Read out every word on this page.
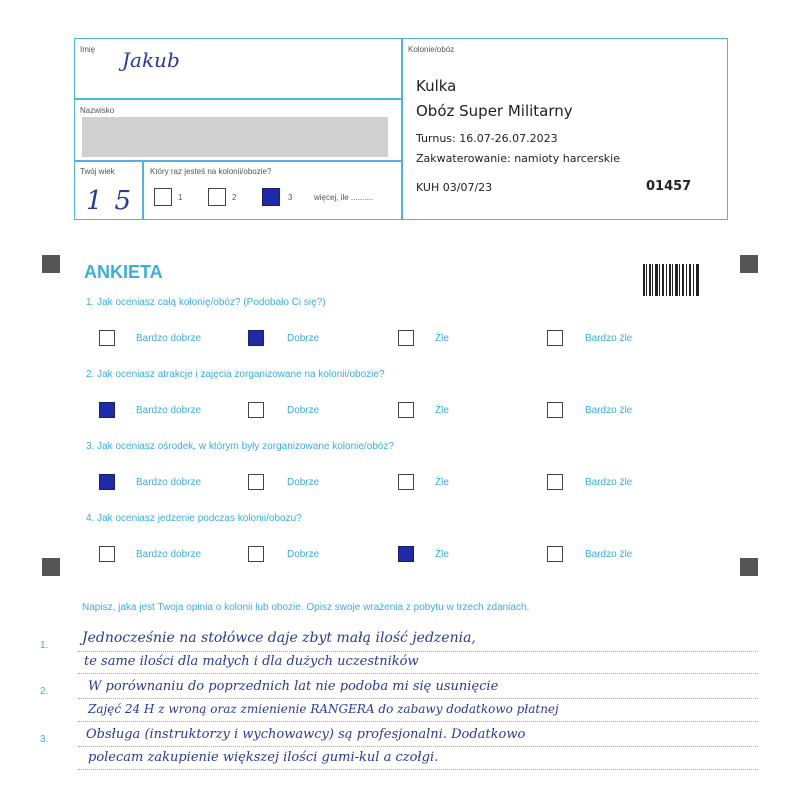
Imię Jakub
Nazwisko
Twój wiek
15
Który raz jesteś na kolonii/obozie?
1	2	3	więcej, ile ..........
Kolonie/obóz
Kulka
Obóz Super Militarny
Turnus: 16.07-26.07.2023
Zakwaterowanie: namioty harcerskie
KUH 03/07/23	01457
ANKIETA
1. Jak oceniasz całą kolonię/obóz? (Podobało Ci się?)
Bardzo dobrze	Dobrze	Źle	Bardzo źle
2. Jak oceniasz atrakcje i zajęcia zorganizowane na kolonii/obozie?
Bardzo dobrze	Dobrze	Źle	Bardzo źle
3. Jak oceniasz ośrodek, w którym były zorganizowane kolonie/obóz?
Bardzo dobrze	Dobrze	Źle	Bardzo źle
4. Jak oceniasz jedzenie podczas kolonii/obozu?
Bardzo dobrze	Dobrze	Źle	Bardzo źle
Napisz, jaka jest Twoja opinia o kolonii lub obozie. Opisz swoje wrażenia z pobytu w trzech zdaniach.
1.
2.
3.
Jednocześnie na stołówce daje zbyt małą ilość jedzenia,
te same ilości dla małych i dla dużych uczestników
W porównaniu do poprzednich lat nie podoba mi się usunięcie
Zajęć 24 H z wroną oraz zmienienie RANGERA do zabawy dodatkowo płatnej
Obsługa (instruktorzy i wychowawcy) są profesjonalni. Dodatkowo
polecam zakupienie większej ilości gumi-kul a czołgi.
